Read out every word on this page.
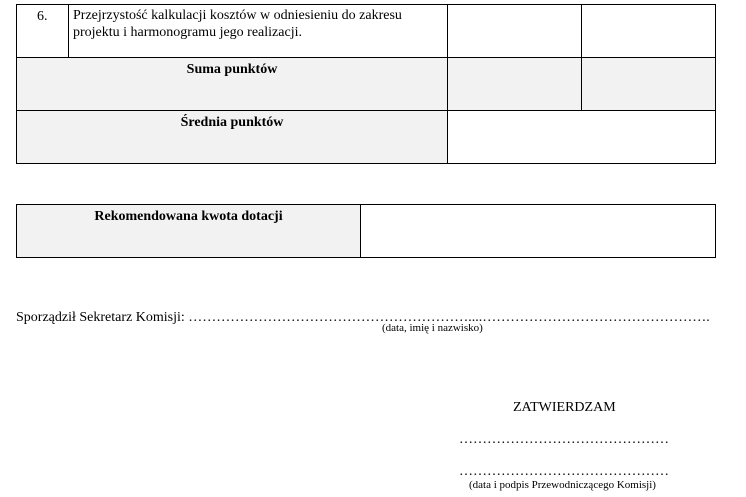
6.	Przejrzystość kalkulacji kosztów w odniesieniu do zakresu projektu i harmonogramu jego realizacji.		
Suma punktów			
Średnia punktów			
Rekomendowana kwota dotacji	
Sporządził Sekretarz Komisji: ……………………………………………………....………………………………………….
(data, imię i nazwisko)
ZATWIERDZAM
………………………………………
………………………………………
(data i podpis Przewodniczącego Komisji)
